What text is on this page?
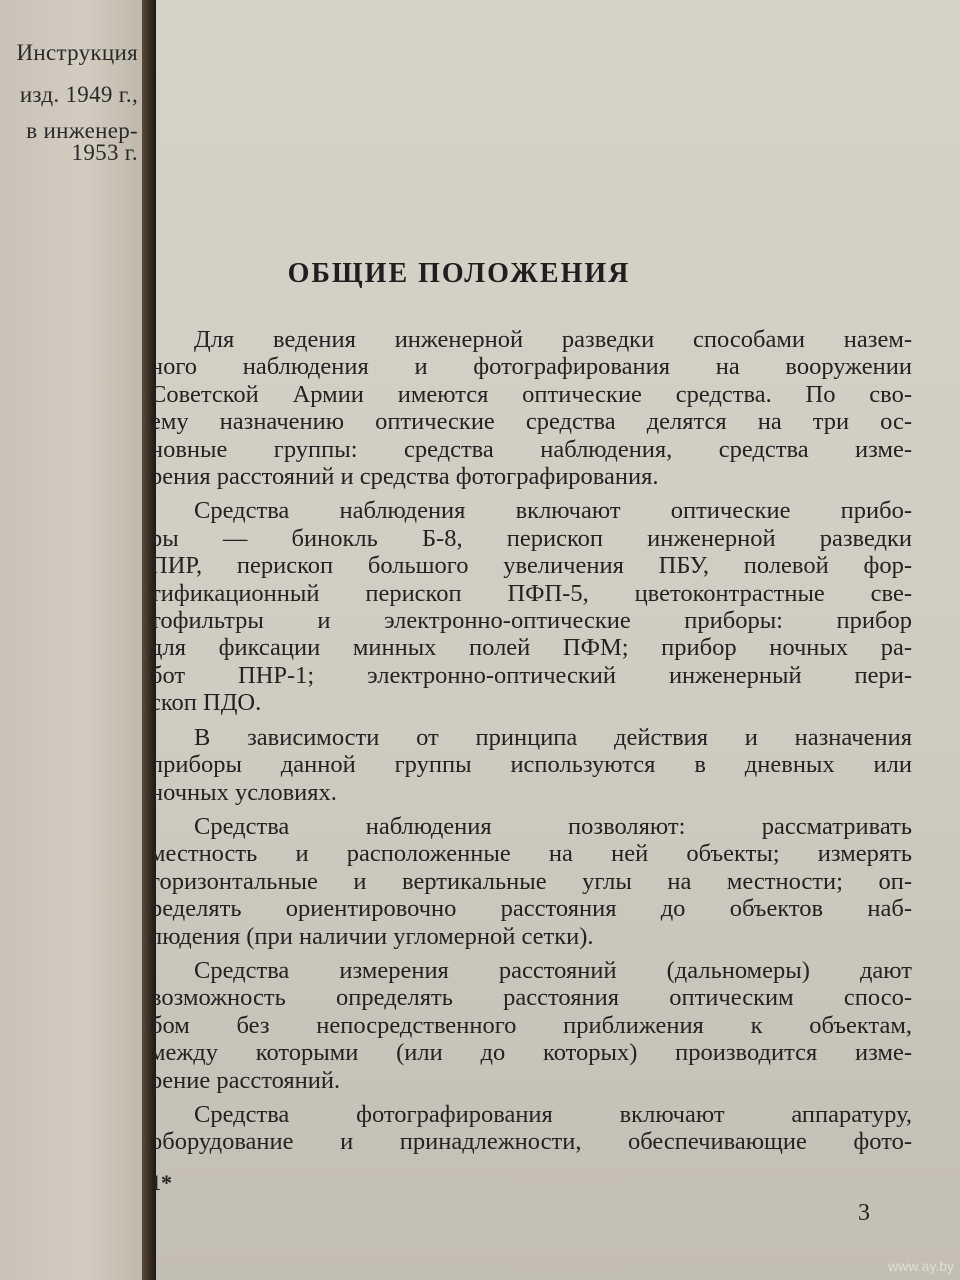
Инструкция
изд. 1949 г.,
в инженер-
1953 г.
ОБЩИЕ ПОЛОЖЕНИЯ
Для ведения инженерной разведки способами назем-
ного наблюдения и фотографирования на вооружении
Советской Армии имеются оптические средства. По сво-
ему назначению оптические средства делятся на три ос-
новные группы: средства наблюдения, средства изме-
рения расстояний и средства фотографирования.
Средства наблюдения включают оптические прибо-
ры — бинокль Б-8, перископ инженерной разведки
ПИР, перископ большого увеличения ПБУ, полевой фор-
тификационный перископ ПФП-5, цветоконтрастные све-
тофильтры и электронно-оптические приборы: прибор
для фиксации минных полей ПФМ; прибор ночных ра-
бот ПНР-1; электронно-оптический инженерный пери-
скоп ПДО.
В зависимости от принципа действия и назначения
приборы данной группы используются в дневных или
ночных условиях.
Средства наблюдения позволяют: рассматривать
местность и расположенные на ней объекты; измерять
горизонтальные и вертикальные углы на местности; оп-
ределять ориентировочно расстояния до объектов наб-
людения (при наличии угломерной сетки).
Средства измерения расстояний (дальномеры) дают
возможность определять расстояния оптическим спосо-
бом без непосредственного приближения к объектам,
между которыми (или до которых) производится изме-
рение расстояний.
Средства фотографирования включают аппаратуру,
оборудование и принадлежности, обеспечивающие фото-
1*
3
www.ay.by
